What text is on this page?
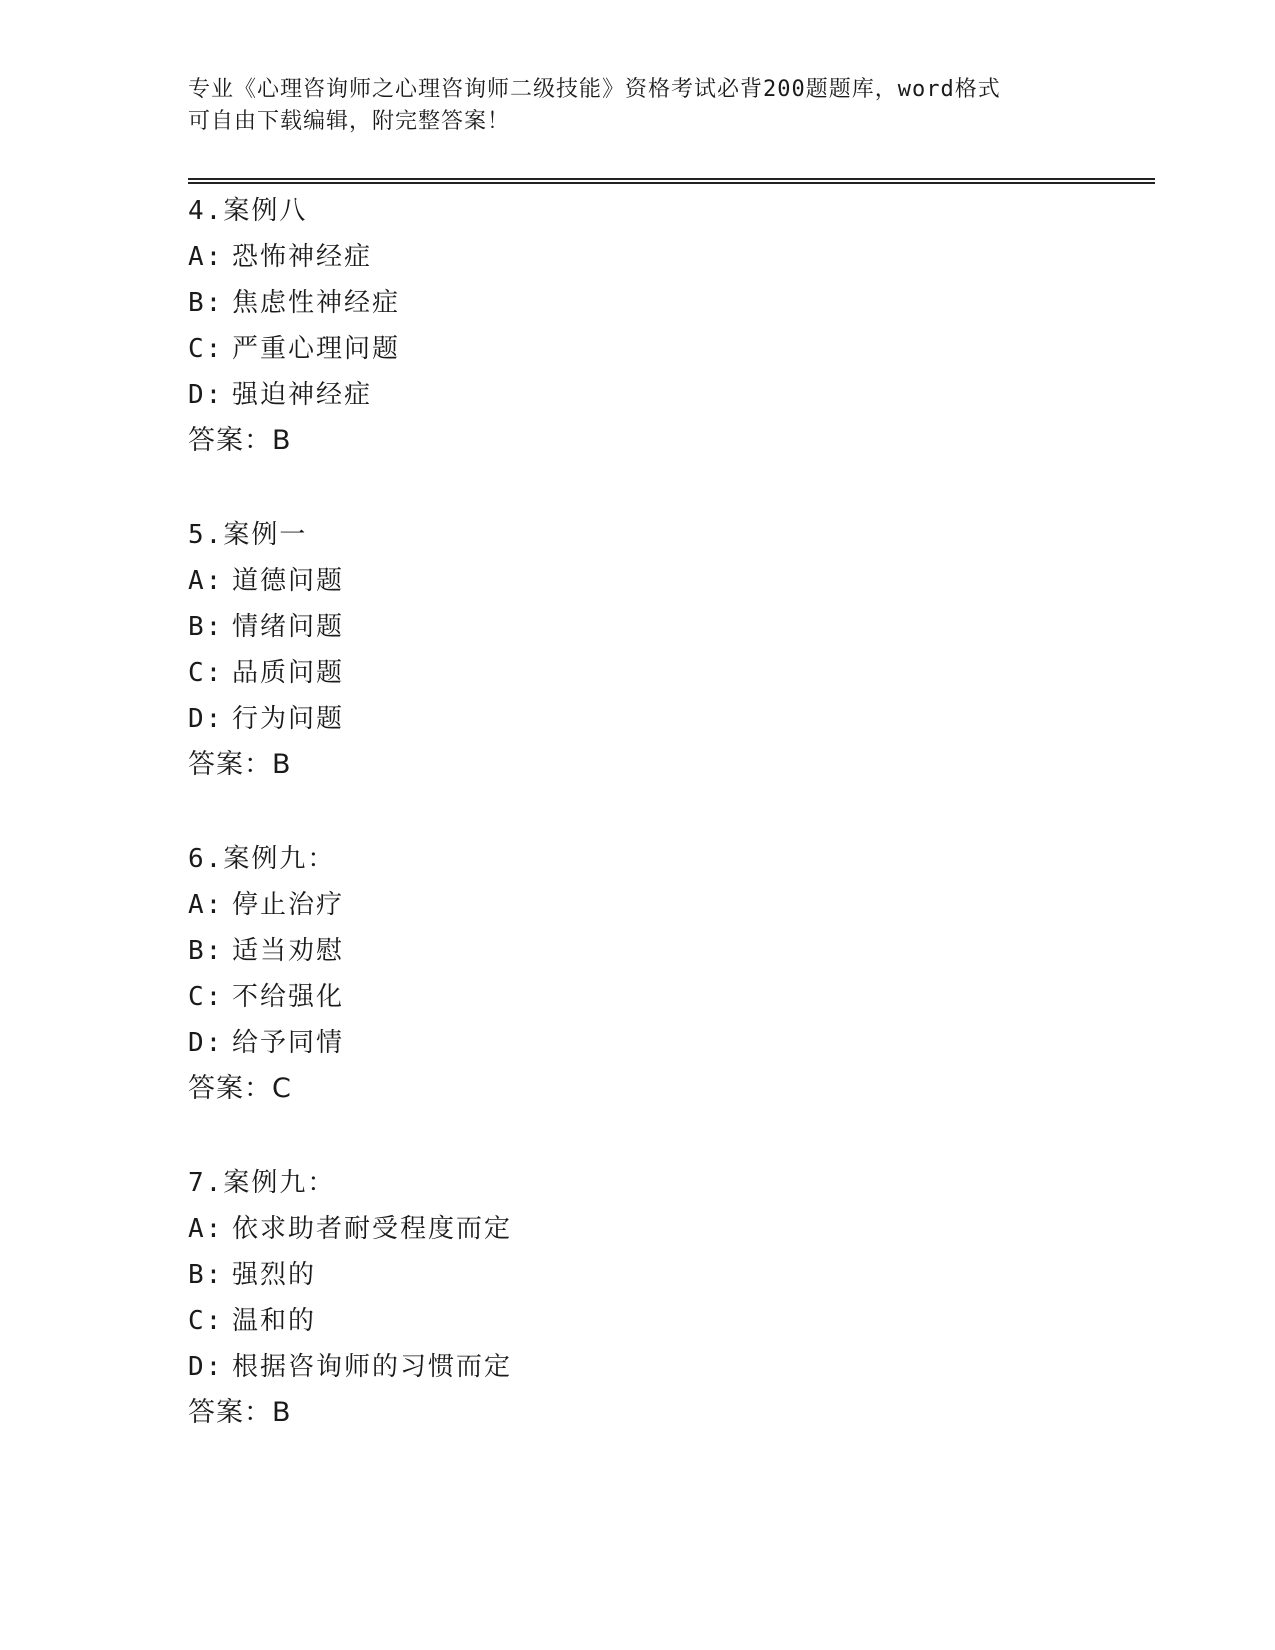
专业《心理咨询师之心理咨询师二级技能》资格考试必背200题题库，word格式
可自由下载编辑，附完整答案！
4.案例八
A: 恐怖神经症
B: 焦虑性神经症
C: 严重心理问题
D: 强迫神经症
答案：B
5.案例一
A: 道德问题
B: 情绪问题
C: 品质问题
D: 行为问题
答案：B
6.案例九：
A: 停止治疗
B: 适当劝慰
C: 不给强化
D: 给予同情
答案：C
7.案例九：
A: 依求助者耐受程度而定
B: 强烈的
C: 温和的
D: 根据咨询师的习惯而定
答案：B
